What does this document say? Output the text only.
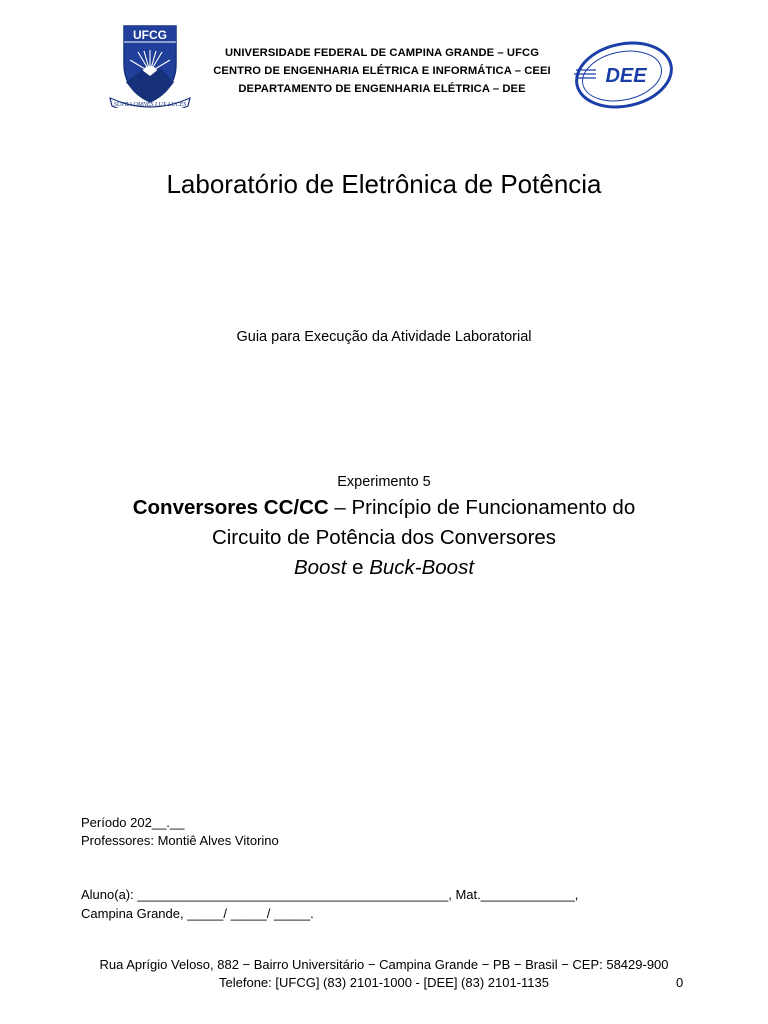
UFCG
SUPRA OMNES LUX LUCES
UNIVERSIDADE FEDERAL DE CAMPINA GRANDE – UFCG
CENTRO DE ENGENHARIA ELÉTRICA E INFORMÁTICA – CEEI
DEPARTAMENTO DE ENGENHARIA ELÉTRICA – DEE
DEE
Laboratório de Eletrônica de Potência
Guia para Execução da Atividade Laboratorial
Experimento 5
Conversores CC/CC – Princípio de Funcionamento do
Circuito de Potência dos Conversores
Boost e Buck-Boost
Período 202__.__
Professores: Montiê Alves Vitorino
Aluno(a): ___________________________________________, Mat._____________,
Campina Grande, _____/ _____/ _____.
Rua Aprígio Veloso, 882 − Bairro Universitário − Campina Grande − PB − Brasil − CEP: 58429-900
Telefone: [UFCG] (83) 2101-1000 - [DEE] (83) 2101-1135	0
